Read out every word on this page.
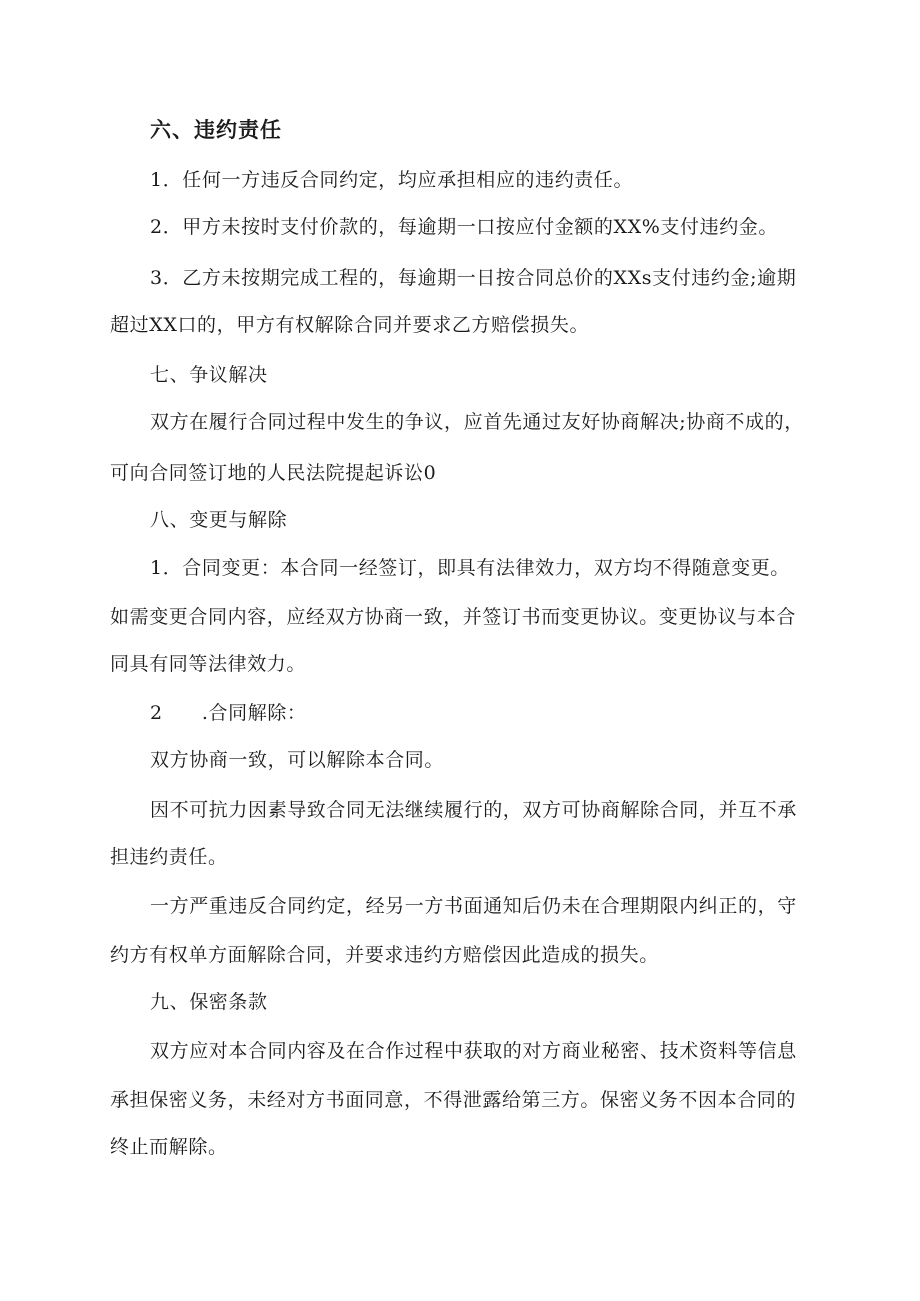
六、违约责任
1．任何一方违反合同约定，均应承担相应的违约责任。
2．甲方未按时支付价款的，每逾期一口按应付金额的XX%支付违约金。
3．乙方未按期完成工程的，每逾期一日按合同总价的XXs支付违约金;逾期
超过XX口的，甲方有权解除合同并要求乙方赔偿损失。
七、争议解决
双方在履行合同过程中发生的争议，应首先通过友好协商解决;协商不成的，
可向合同签订地的人民法院提起诉讼0
八、变更与解除
1．合同变更：本合同一经签订，即具有法律效力，双方均不得随意变更。
如需变更合同内容，应经双方协商一致，并签订书而变更协议。变更协议与本合
同具有同等法律效力。
2　　.合同解除：
双方协商一致，可以解除本合同。
因不可抗力因素导致合同无法继续履行的，双方可协商解除合同，并互不承
担违约责任。
一方严重违反合同约定，经另一方书面通知后仍未在合理期限内纠正的，守
约方有权单方面解除合同，并要求违约方赔偿因此造成的损失。
九、保密条款
双方应对本合同内容及在合作过程中获取的对方商业秘密、技术资料等信息
承担保密义务，未经对方书面同意，不得泄露给第三方。保密义务不因本合同的
终止而解除。
